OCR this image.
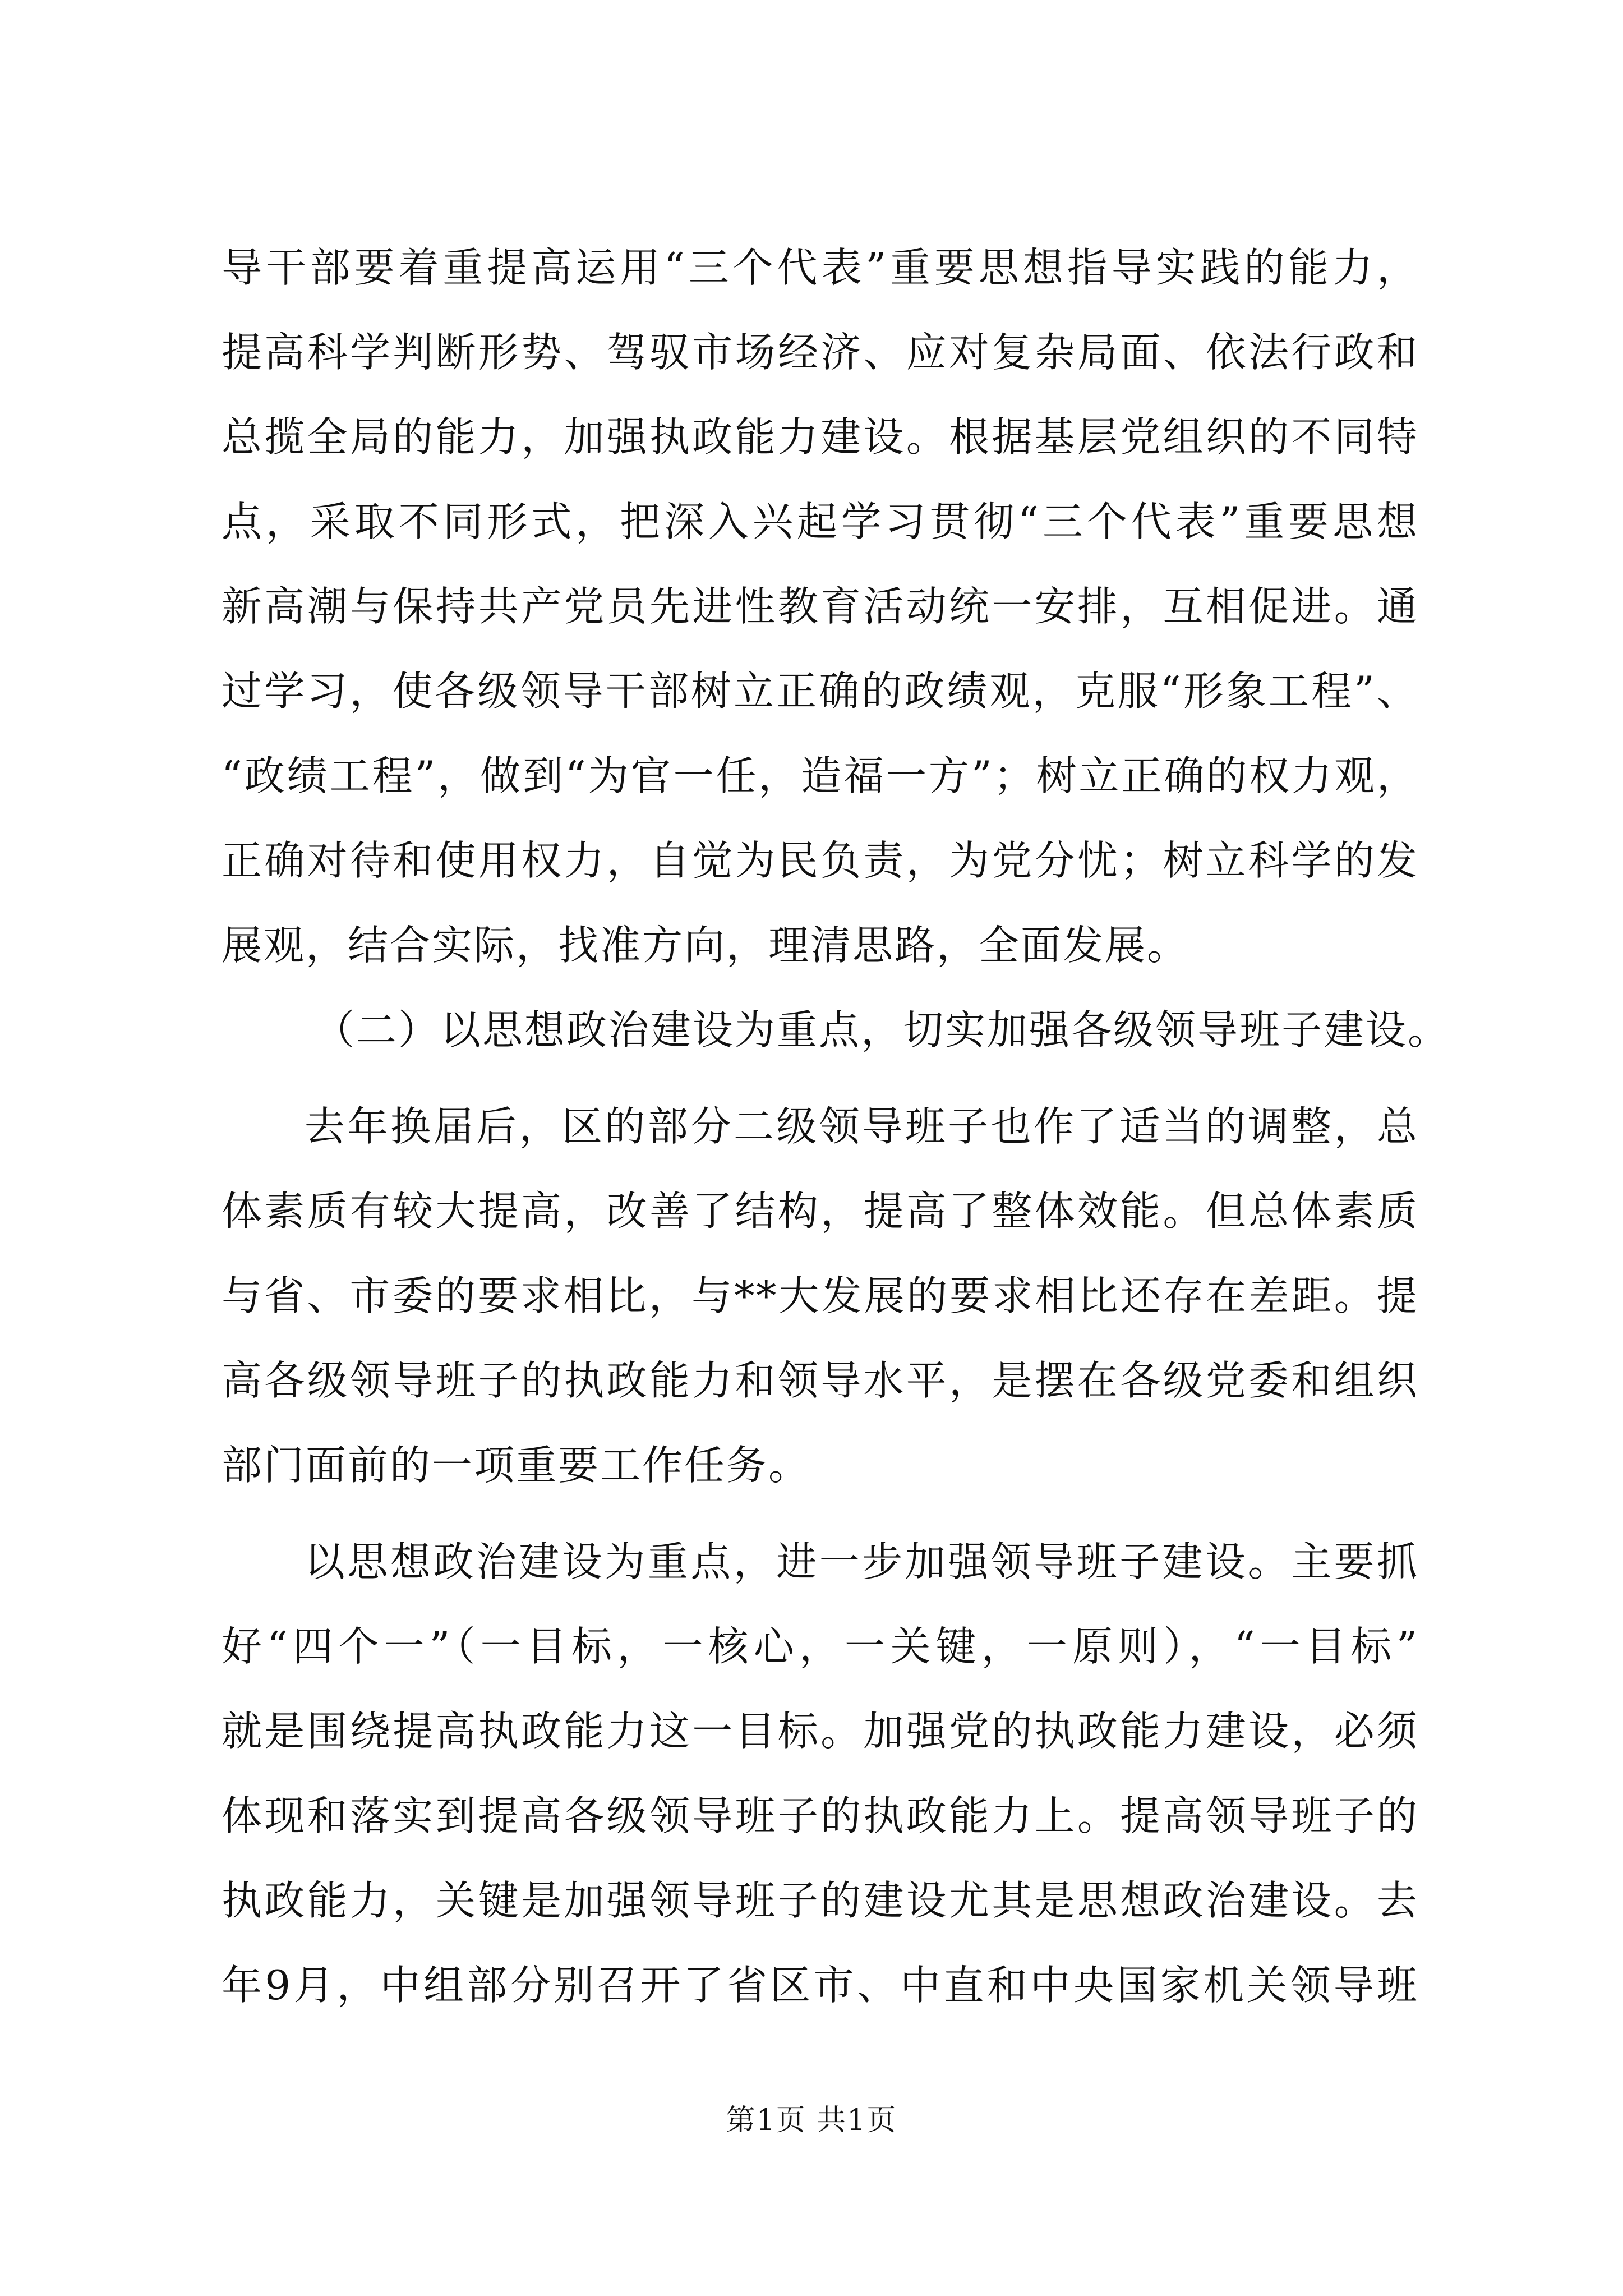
导干部要着重提高运用“三个代表”重要思想指导实践的能力，
提高科学判断形势、驾驭市场经济、应对复杂局面、依法行政和
总揽全局的能力，加强执政能力建设。根据基层党组织的不同特
点，采取不同形式，把深入兴起学习贯彻“三个代表”重要思想
新高潮与保持共产党员先进性教育活动统一安排，互相促进。通
过学习，使各级领导干部树立正确的政绩观，克服“形象工程”、
“政绩工程”，做到“为官一任，造福一方”；树立正确的权力观，
正确对待和使用权力，自觉为民负责，为党分忧；树立科学的发
展观，结合实际，找准方向，理清思路，全面发展。
（二）以思想政治建设为重点，切实加强各级领导班子建设。
去年换届后，区的部分二级领导班子也作了适当的调整，总
体素质有较大提高，改善了结构，提高了整体效能。但总体素质
与省、市委的要求相比，与**大发展的要求相比还存在差距。提
高各级领导班子的执政能力和领导水平，是摆在各级党委和组织
部门面前的一项重要工作任务。
以思想政治建设为重点，进一步加强领导班子建设。主要抓
好“四个一”（一目标，一核心，一关键，一原则），“一目标”
就是围绕提高执政能力这一目标。加强党的执政能力建设，必须
体现和落实到提高各级领导班子的执政能力上。提高领导班子的
执政能力，关键是加强领导班子的建设尤其是思想政治建设。去
年9月，中组部分别召开了省区市、中直和中央国家机关领导班
第1页 共1页
